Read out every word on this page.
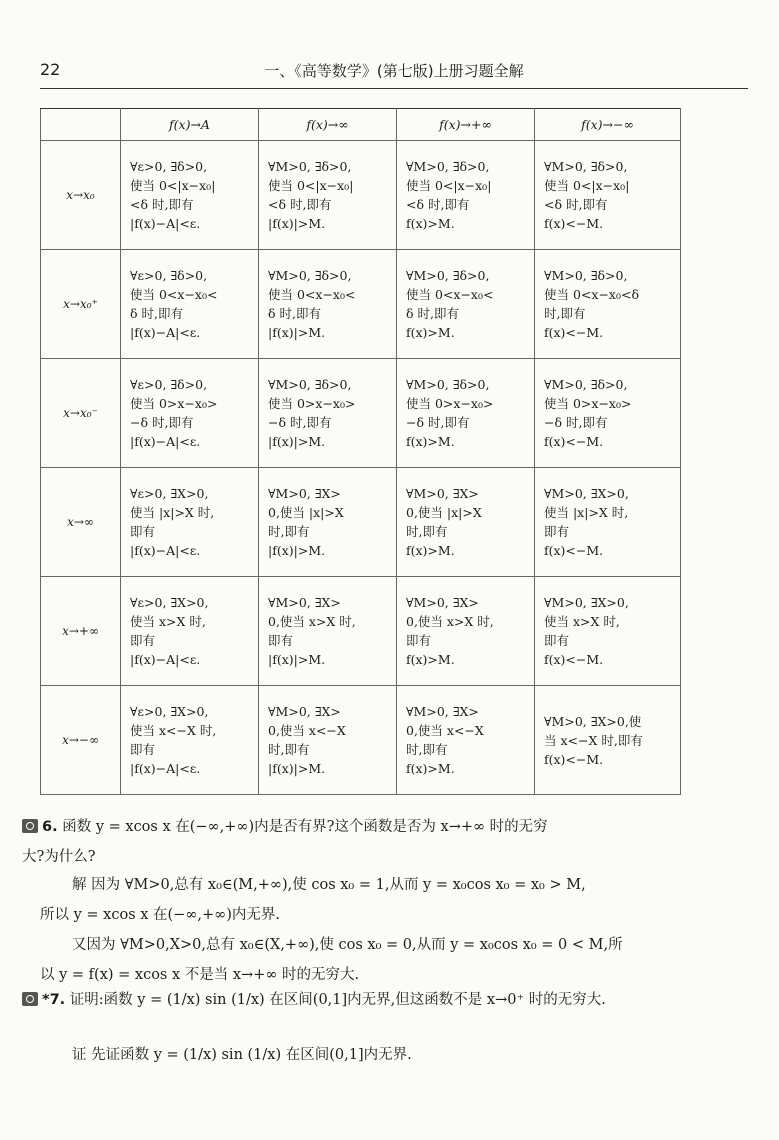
22	一、《高等数学》(第七版)上册习题全解
	f(x)→A	f(x)→∞	f(x)→+∞	f(x)→−∞
x→x₀	∀ε>0, ∃δ>0,
使当 0<|x−x₀|
<δ 时,即有
|f(x)−A|<ε.	∀M>0, ∃δ>0,
使当 0<|x−x₀|
<δ 时,即有
|f(x)|>M.	∀M>0, ∃δ>0,
使当 0<|x−x₀|
<δ 时,即有
f(x)>M.	∀M>0, ∃δ>0,
使当 0<|x−x₀|
<δ 时,即有
f(x)<−M.

x→x₀⁺	∀ε>0, ∃δ>0,
使当 0<x−x₀<
δ 时,即有
|f(x)−A|<ε.	∀M>0, ∃δ>0,
使当 0<x−x₀<
δ 时,即有
|f(x)|>M.	∀M>0, ∃δ>0,
使当 0<x−x₀<
δ 时,即有
f(x)>M.	∀M>0, ∃δ>0,
使当 0<x−x₀<δ
时,即有
f(x)<−M.

x→x₀⁻	∀ε>0, ∃δ>0,
使当 0>x−x₀>
−δ 时,即有
|f(x)−A|<ε.	∀M>0, ∃δ>0,
使当 0>x−x₀>
−δ 时,即有
|f(x)|>M.	∀M>0, ∃δ>0,
使当 0>x−x₀>
−δ 时,即有
f(x)>M.	∀M>0, ∃δ>0,
使当 0>x−x₀>
−δ 时,即有
f(x)<−M.

x→∞	∀ε>0, ∃X>0,
使当 |x|>X 时,
即有
|f(x)−A|<ε.	∀M>0, ∃X>
0,使当 |x|>X
时,即有
|f(x)|>M.	∀M>0, ∃X>
0,使当 |x|>X
时,即有
f(x)>M.	∀M>0, ∃X>0,
使当 |x|>X 时,
即有
f(x)<−M.

x→+∞	∀ε>0, ∃X>0,
使当 x>X 时,
即有
|f(x)−A|<ε.	∀M>0, ∃X>
0,使当 x>X 时,
即有
|f(x)|>M.	∀M>0, ∃X>
0,使当 x>X 时,
即有
f(x)>M.	∀M>0, ∃X>0,
使当 x>X 时,
即有
f(x)<−M.

x→−∞	∀ε>0, ∃X>0,
使当 x<−X 时,
即有
|f(x)−A|<ε.	∀M>0, ∃X>
0,使当 x<−X
时,即有
|f(x)|>M.	∀M>0, ∃X>
0,使当 x<−X
时,即有
f(x)>M.	∀M>0, ∃X>0,使
当 x<−X 时,即有
f(x)<−M.
6. 函数 y = xcos x 在(−∞,+∞)内是否有界?这个函数是否为 x→+∞ 时的无穷
大?为什么?
解 因为 ∀M>0,总有 x₀∈(M,+∞),使 cos x₀ = 1,从而 y = x₀cos x₀ = x₀ > M,
所以 y = xcos x 在(−∞,+∞)内无界.
又因为 ∀M>0,X>0,总有 x₀∈(X,+∞),使 cos x₀ = 0,从而 y = x₀cos x₀ = 0 < M,所
以 y = f(x) = xcos x 不是当 x→+∞ 时的无穷大.
*7. 证明:函数 y = (1/x) sin (1/x) 在区间(0,1]内无界,但这函数不是 x→0⁺ 时的无穷大.
证 先证函数 y = (1/x) sin (1/x) 在区间(0,1]内无界.
